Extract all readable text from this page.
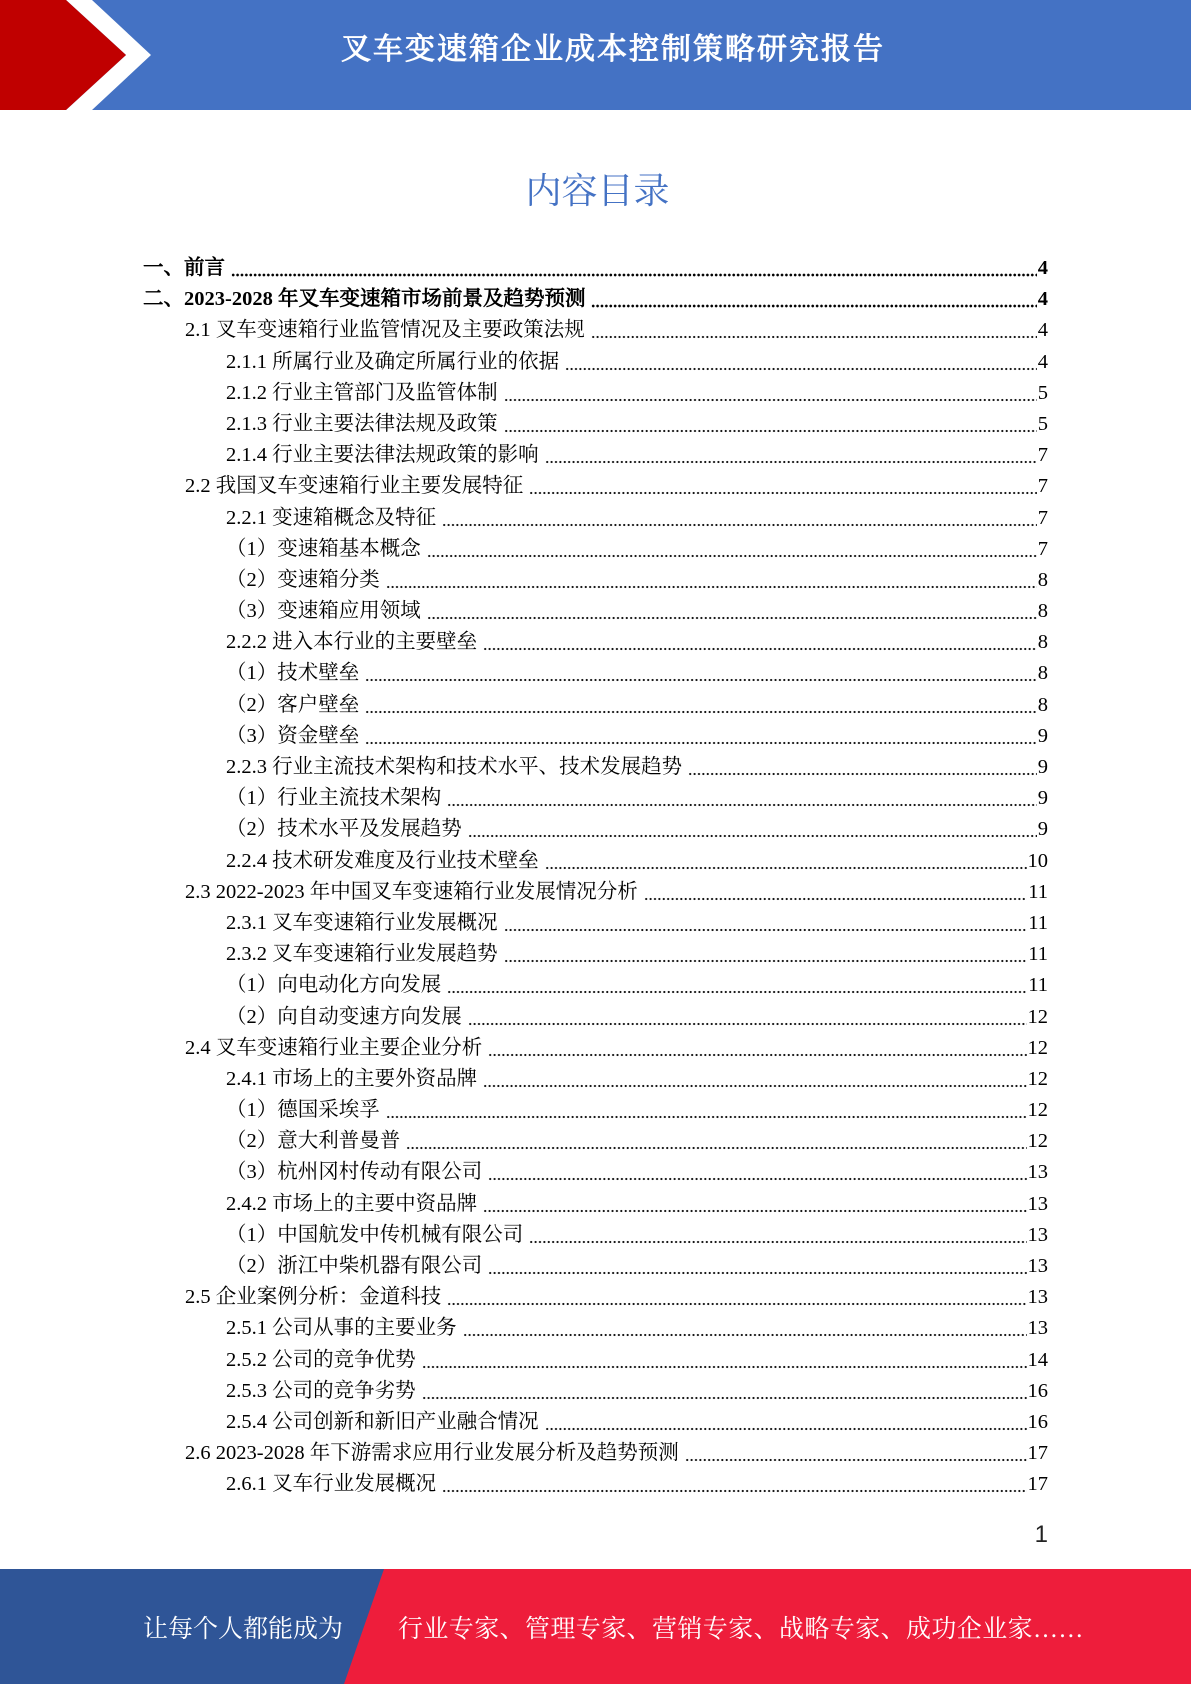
叉车变速箱企业成本控制策略研究报告
内容目录
一、前言	4
二、2023-2028 年叉车变速箱市场前景及趋势预测	4
2.1 叉车变速箱行业监管情况及主要政策法规	4
2.1.1 所属行业及确定所属行业的依据	4
2.1.2 行业主管部门及监管体制	5
2.1.3 行业主要法律法规及政策	5
2.1.4 行业主要法律法规政策的影响	7
2.2 我国叉车变速箱行业主要发展特征	7
2.2.1 变速箱概念及特征	7
（1）变速箱基本概念	7
（2）变速箱分类	8
（3）变速箱应用领域	8
2.2.2 进入本行业的主要壁垒	8
（1）技术壁垒	8
（2）客户壁垒	8
（3）资金壁垒	9
2.2.3 行业主流技术架构和技术水平、技术发展趋势	9
（1）行业主流技术架构	9
（2）技术水平及发展趋势	9
2.2.4 技术研发难度及行业技术壁垒	10
2.3 2022-2023 年中国叉车变速箱行业发展情况分析	11
2.3.1 叉车变速箱行业发展概况	11
2.3.2 叉车变速箱行业发展趋势	11
（1）向电动化方向发展	11
（2）向自动变速方向发展	12
2.4 叉车变速箱行业主要企业分析	12
2.4.1 市场上的主要外资品牌	12
（1）德国采埃孚	12
（2）意大利普曼普	12
（3）杭州冈村传动有限公司	13
2.4.2 市场上的主要中资品牌	13
（1）中国航发中传机械有限公司	13
（2）浙江中柴机器有限公司	13
2.5 企业案例分析：金道科技	13
2.5.1 公司从事的主要业务	13
2.5.2 公司的竞争优势	14
2.5.3 公司的竞争劣势	16
2.5.4 公司创新和新旧产业融合情况	16
2.6 2023-2028 年下游需求应用行业发展分析及趋势预测	17
2.6.1 叉车行业发展概况	17
1
让每个人都能成为 行业专家、管理专家、营销专家、战略专家、成功企业家……
